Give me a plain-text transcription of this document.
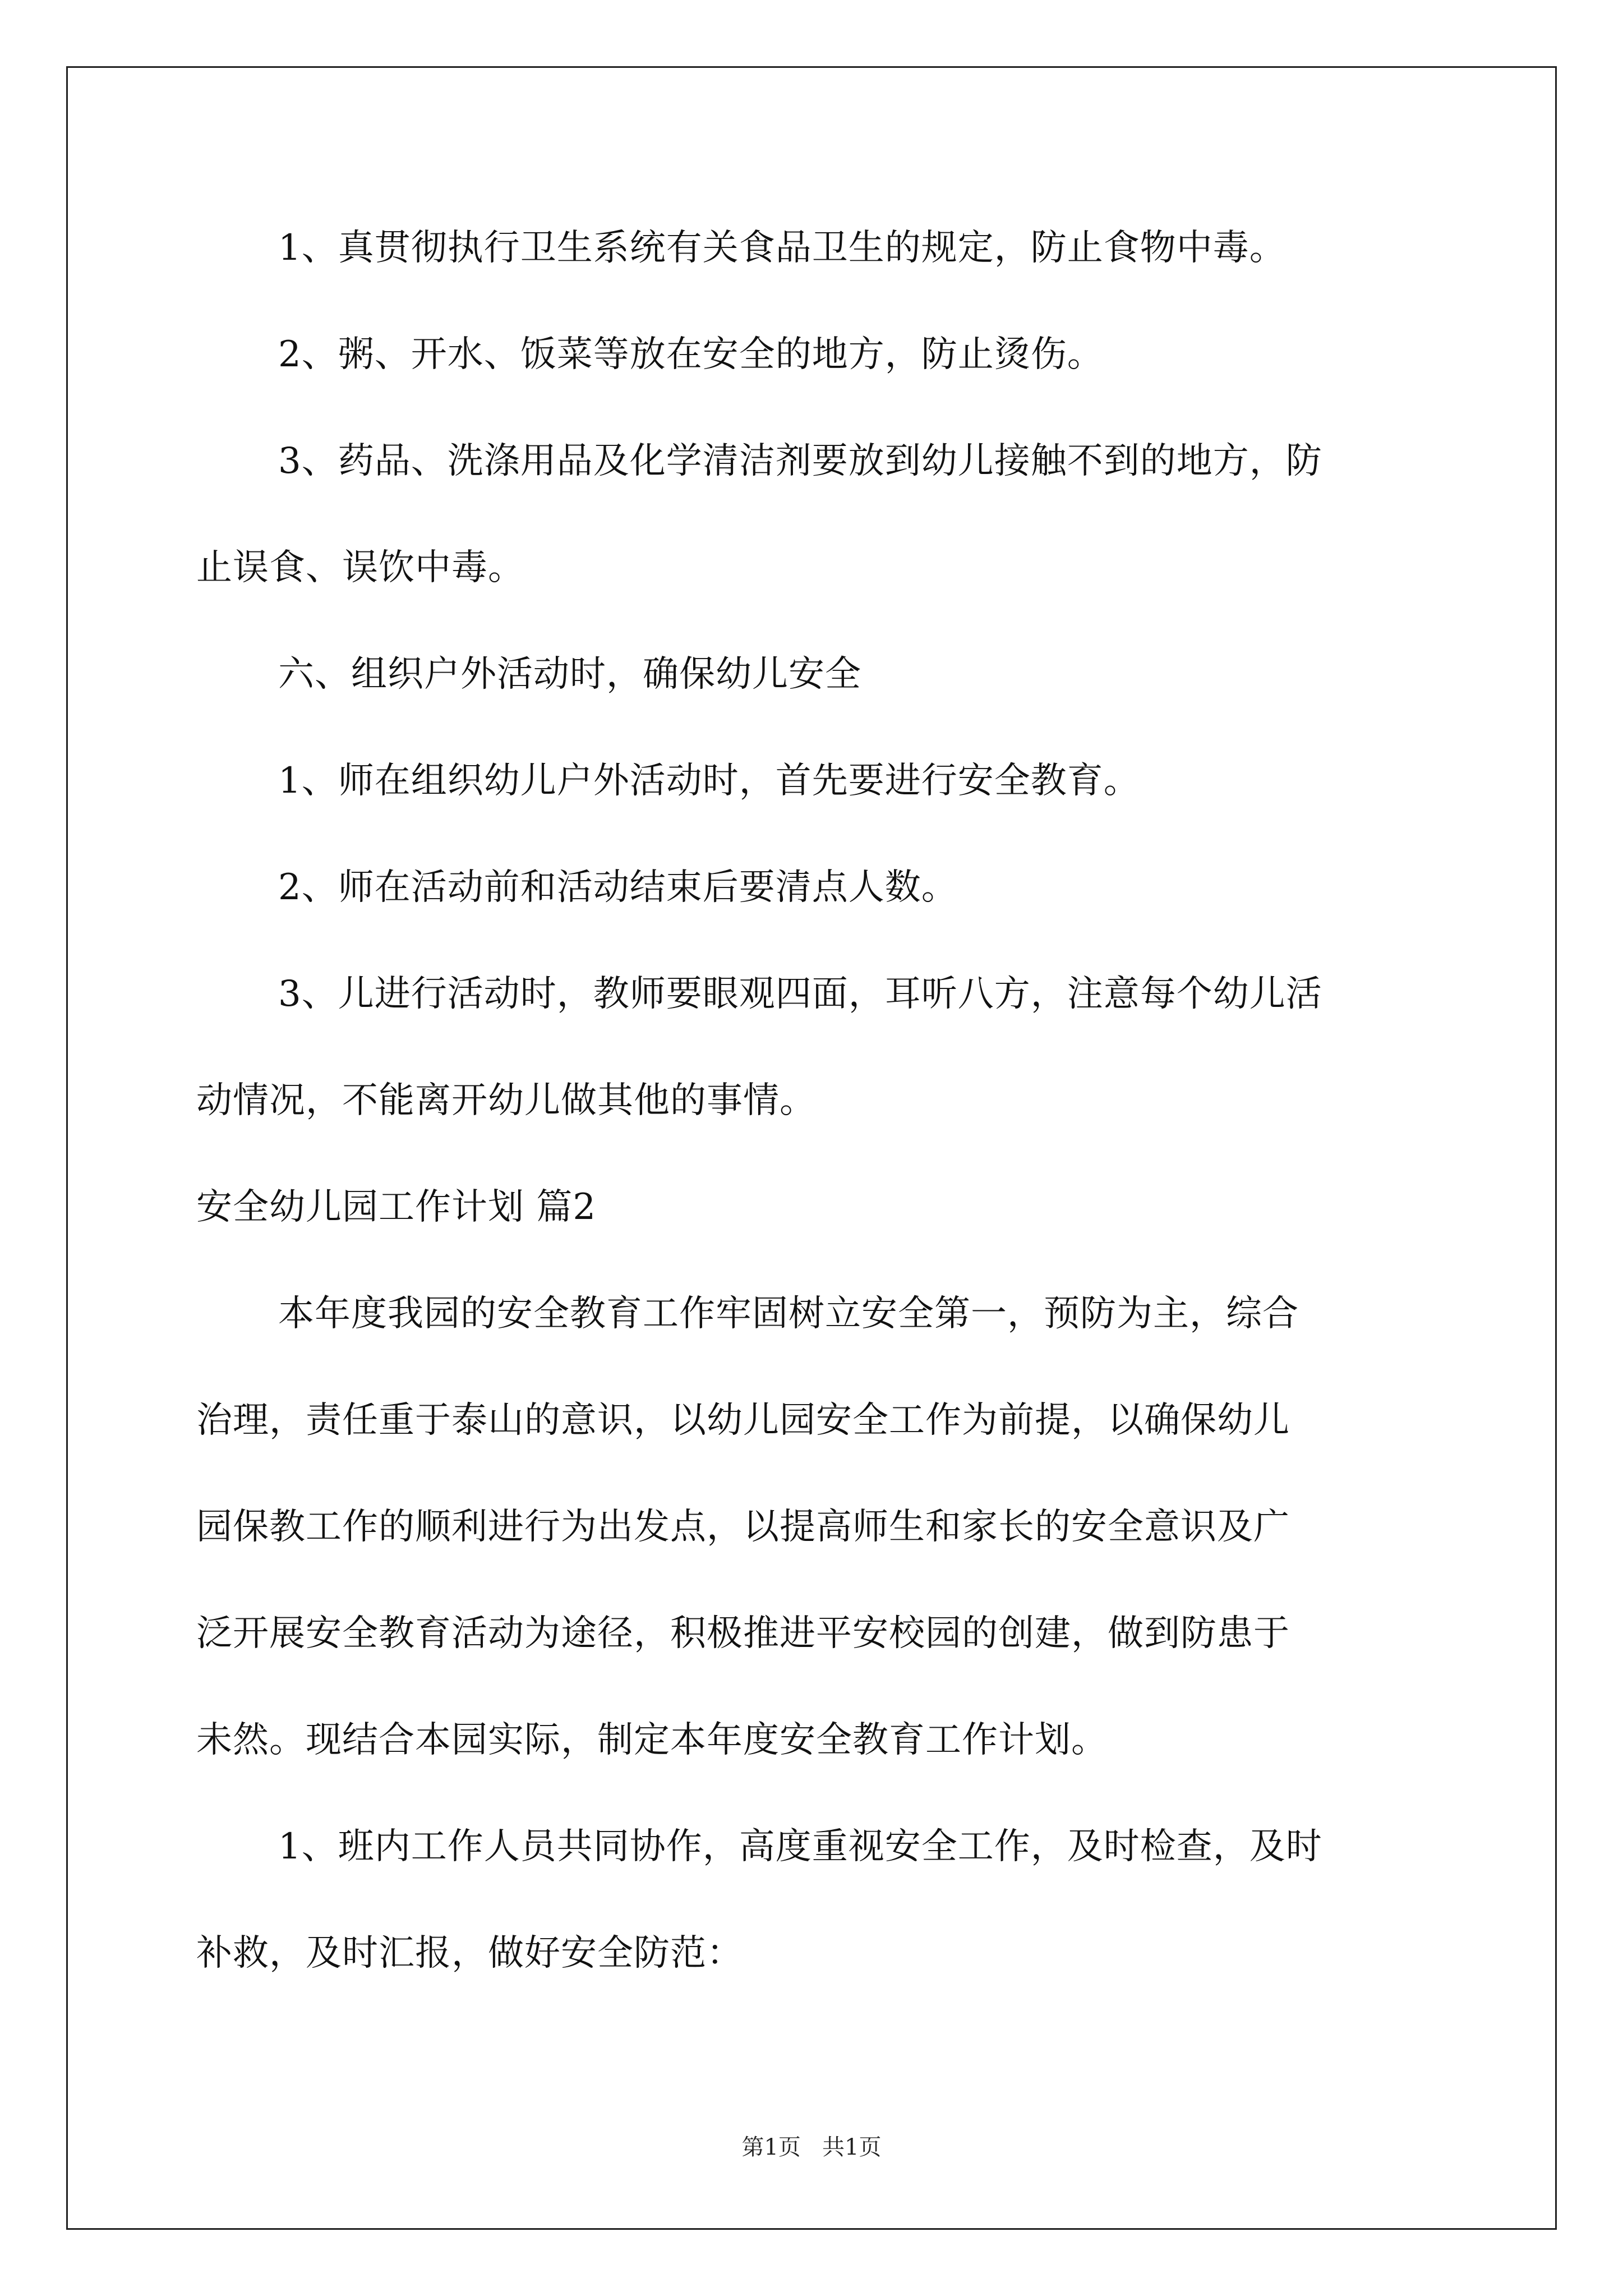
1、真贯彻执行卫生系统有关食品卫生的规定，防止食物中毒。
2、粥、开水、饭菜等放在安全的地方，防止烫伤。
3、药品、洗涤用品及化学清洁剂要放到幼儿接触不到的地方，防
止误食、误饮中毒。
六、组织户外活动时，确保幼儿安全
1、师在组织幼儿户外活动时，首先要进行安全教育。
2、师在活动前和活动结束后要清点人数。
3、儿进行活动时，教师要眼观四面，耳听八方，注意每个幼儿活
动情况，不能离开幼儿做其他的事情。
安全幼儿园工作计划 篇2
本年度我园的安全教育工作牢固树立安全第一，预防为主，综合
治理，责任重于泰山的意识，以幼儿园安全工作为前提，以确保幼儿
园保教工作的顺利进行为出发点，以提高师生和家长的安全意识及广
泛开展安全教育活动为途径，积极推进平安校园的创建，做到防患于
未然。现结合本园实际，制定本年度安全教育工作计划。
1、班内工作人员共同协作，高度重视安全工作，及时检查，及时
补救，及时汇报，做好安全防范：
第1页   共1页
